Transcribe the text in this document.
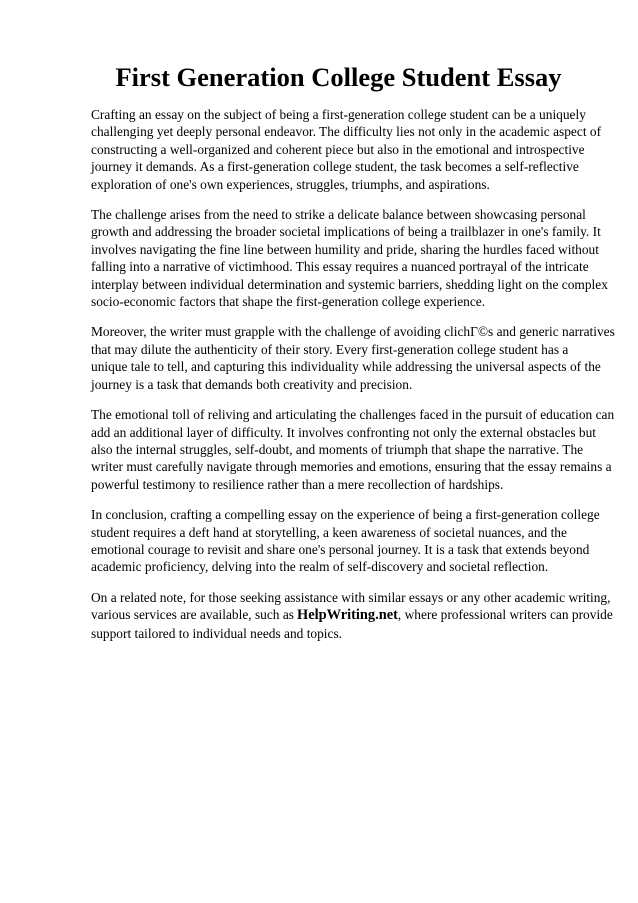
First Generation College Student Essay

Crafting an essay on the subject of being a first-generation college student can be a uniquely
challenging yet deeply personal endeavor. The difficulty lies not only in the academic aspect of
constructing a well-organized and coherent piece but also in the emotional and introspective
journey it demands. As a first-generation college student, the task becomes a self-reflective
exploration of one's own experiences, struggles, triumphs, and aspirations.

The challenge arises from the need to strike a delicate balance between showcasing personal
growth and addressing the broader societal implications of being a trailblazer in one's family. It
involves navigating the fine line between humility and pride, sharing the hurdles faced without
falling into a narrative of victimhood. This essay requires a nuanced portrayal of the intricate
interplay between individual determination and systemic barriers, shedding light on the complex
socio-economic factors that shape the first-generation college experience.

Moreover, the writer must grapple with the challenge of avoiding clichГ©s and generic narratives
that may dilute the authenticity of their story. Every first-generation college student has a
unique tale to tell, and capturing this individuality while addressing the universal aspects of the
journey is a task that demands both creativity and precision.

The emotional toll of reliving and articulating the challenges faced in the pursuit of education can
add an additional layer of difficulty. It involves confronting not only the external obstacles but
also the internal struggles, self-doubt, and moments of triumph that shape the narrative. The
writer must carefully navigate through memories and emotions, ensuring that the essay remains a
powerful testimony to resilience rather than a mere recollection of hardships.

In conclusion, crafting a compelling essay on the experience of being a first-generation college
student requires a deft hand at storytelling, a keen awareness of societal nuances, and the
emotional courage to revisit and share one's personal journey. It is a task that extends beyond
academic proficiency, delving into the realm of self-discovery and societal reflection.

On a related note, for those seeking assistance with similar essays or any other academic writing,
various services are available, such as HelpWriting.net, where professional writers can provide
support tailored to individual needs and topics.
